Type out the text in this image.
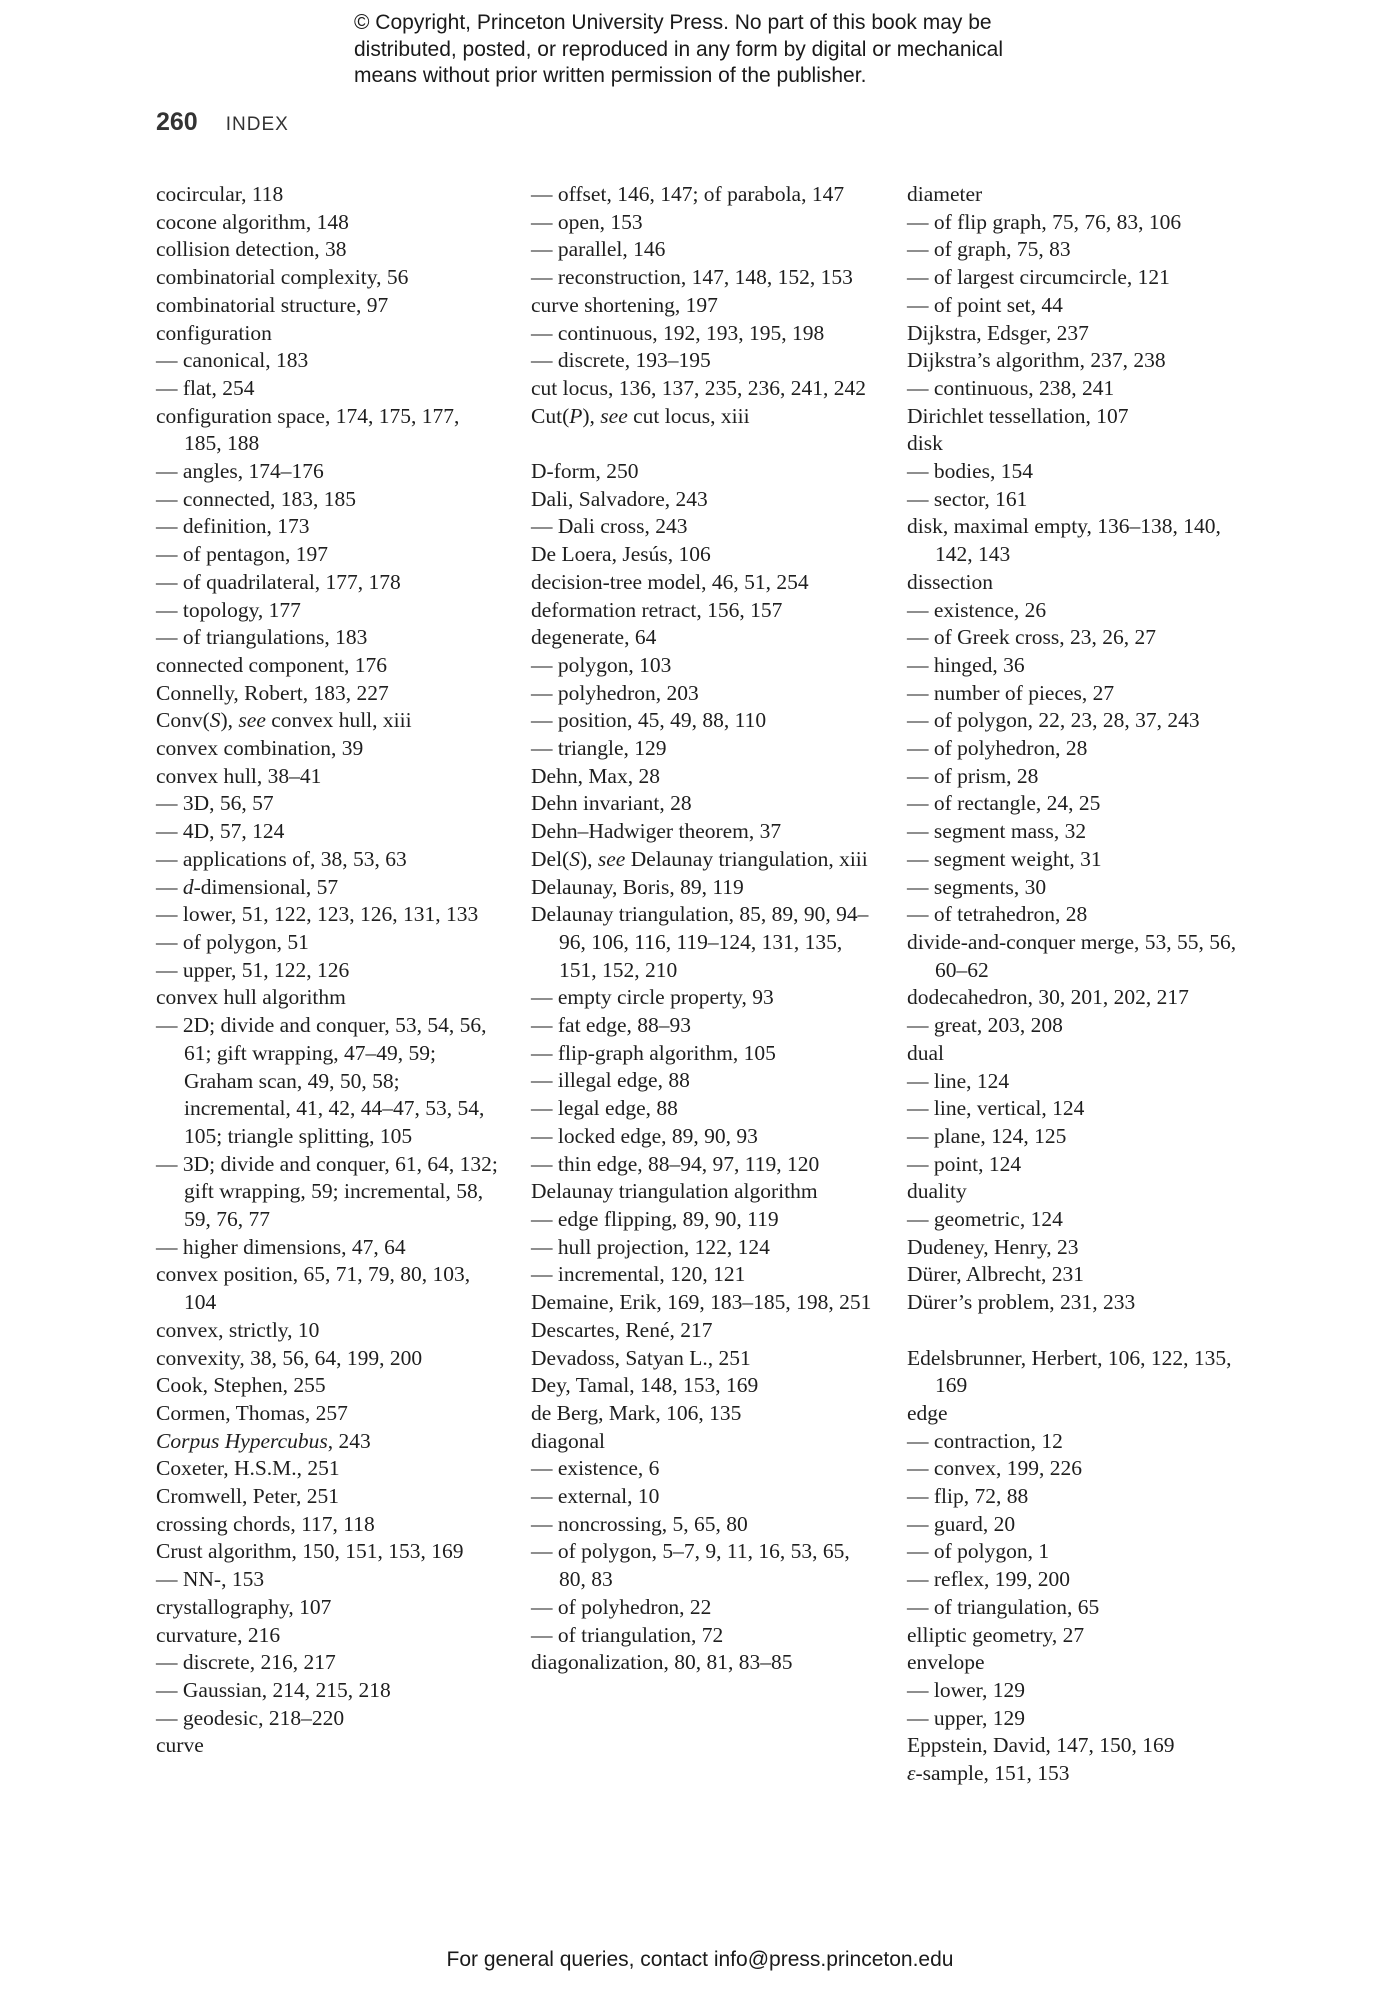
© Copyright, Princeton University Press. No part of this book may be
distributed, posted, or reproduced in any form by digital or mechanical
means without prior written permission of the publisher.
260 INDEX
cocircular, 118
cocone algorithm, 148
collision detection, 38
combinatorial complexity, 56
combinatorial structure, 97
configuration
— canonical, 183
— flat, 254
configuration space, 174, 175, 177, 185, 188
— angles, 174–176
— connected, 183, 185
— definition, 173
— of pentagon, 197
— of quadrilateral, 177, 178
— topology, 177
— of triangulations, 183
connected component, 176
Connelly, Robert, 183, 227
Conv(S), see convex hull, xiii
convex combination, 39
convex hull, 38–41
— 3D, 56, 57
— 4D, 57, 124
— applications of, 38, 53, 63
— d-dimensional, 57
— lower, 51, 122, 123, 126, 131, 133
— of polygon, 51
— upper, 51, 122, 126
convex hull algorithm
— 2D; divide and conquer, 53, 54, 56, 61; gift wrapping, 47–49, 59; Graham scan, 49, 50, 58; incremental, 41, 42, 44–47, 53, 54, 105; triangle splitting, 105
— 3D; divide and conquer, 61, 64, 132; gift wrapping, 59; incremental, 58, 59, 76, 77
— higher dimensions, 47, 64
convex position, 65, 71, 79, 80, 103, 104
convex, strictly, 10
convexity, 38, 56, 64, 199, 200
Cook, Stephen, 255
Cormen, Thomas, 257
Corpus Hypercubus, 243
Coxeter, H.S.M., 251
Cromwell, Peter, 251
crossing chords, 117, 118
Crust algorithm, 150, 151, 153, 169
— NN-, 153
crystallography, 107
curvature, 216
— discrete, 216, 217
— Gaussian, 214, 215, 218
— geodesic, 218–220
curve
— offset, 146, 147; of parabola, 147
— open, 153
— parallel, 146
— reconstruction, 147, 148, 152, 153
curve shortening, 197
— continuous, 192, 193, 195, 198
— discrete, 193–195
cut locus, 136, 137, 235, 236, 241, 242
Cut(P), see cut locus, xiii
D-form, 250
Dali, Salvadore, 243
— Dali cross, 243
De Loera, Jesús, 106
decision-tree model, 46, 51, 254
deformation retract, 156, 157
degenerate, 64
— polygon, 103
— polyhedron, 203
— position, 45, 49, 88, 110
— triangle, 129
Dehn, Max, 28
Dehn invariant, 28
Dehn–Hadwiger theorem, 37
Del(S), see Delaunay triangulation, xiii
Delaunay, Boris, 89, 119
Delaunay triangulation, 85, 89, 90, 94–96, 106, 116, 119–124, 131, 135, 151, 152, 210
— empty circle property, 93
— fat edge, 88–93
— flip-graph algorithm, 105
— illegal edge, 88
— legal edge, 88
— locked edge, 89, 90, 93
— thin edge, 88–94, 97, 119, 120
Delaunay triangulation algorithm
— edge flipping, 89, 90, 119
— hull projection, 122, 124
— incremental, 120, 121
Demaine, Erik, 169, 183–185, 198, 251
Descartes, René, 217
Devadoss, Satyan L., 251
Dey, Tamal, 148, 153, 169
de Berg, Mark, 106, 135
diagonal
— existence, 6
— external, 10
— noncrossing, 5, 65, 80
— of polygon, 5–7, 9, 11, 16, 53, 65, 80, 83
— of polyhedron, 22
— of triangulation, 72
diagonalization, 80, 81, 83–85
diameter
— of flip graph, 75, 76, 83, 106
— of graph, 75, 83
— of largest circumcircle, 121
— of point set, 44
Dijkstra, Edsger, 237
Dijkstra’s algorithm, 237, 238
— continuous, 238, 241
Dirichlet tessellation, 107
disk
— bodies, 154
— sector, 161
disk, maximal empty, 136–138, 140, 142, 143
dissection
— existence, 26
— of Greek cross, 23, 26, 27
— hinged, 36
— number of pieces, 27
— of polygon, 22, 23, 28, 37, 243
— of polyhedron, 28
— of prism, 28
— of rectangle, 24, 25
— segment mass, 32
— segment weight, 31
— segments, 30
— of tetrahedron, 28
divide-and-conquer merge, 53, 55, 56, 60–62
dodecahedron, 30, 201, 202, 217
— great, 203, 208
dual
— line, 124
— line, vertical, 124
— plane, 124, 125
— point, 124
duality
— geometric, 124
Dudeney, Henry, 23
Dürer, Albrecht, 231
Dürer’s problem, 231, 233
Edelsbrunner, Herbert, 106, 122, 135, 169
edge
— contraction, 12
— convex, 199, 226
— flip, 72, 88
— guard, 20
— of polygon, 1
— reflex, 199, 200
— of triangulation, 65
elliptic geometry, 27
envelope
— lower, 129
— upper, 129
Eppstein, David, 147, 150, 169
ε-sample, 151, 153
For general queries, contact info@press.princeton.edu
